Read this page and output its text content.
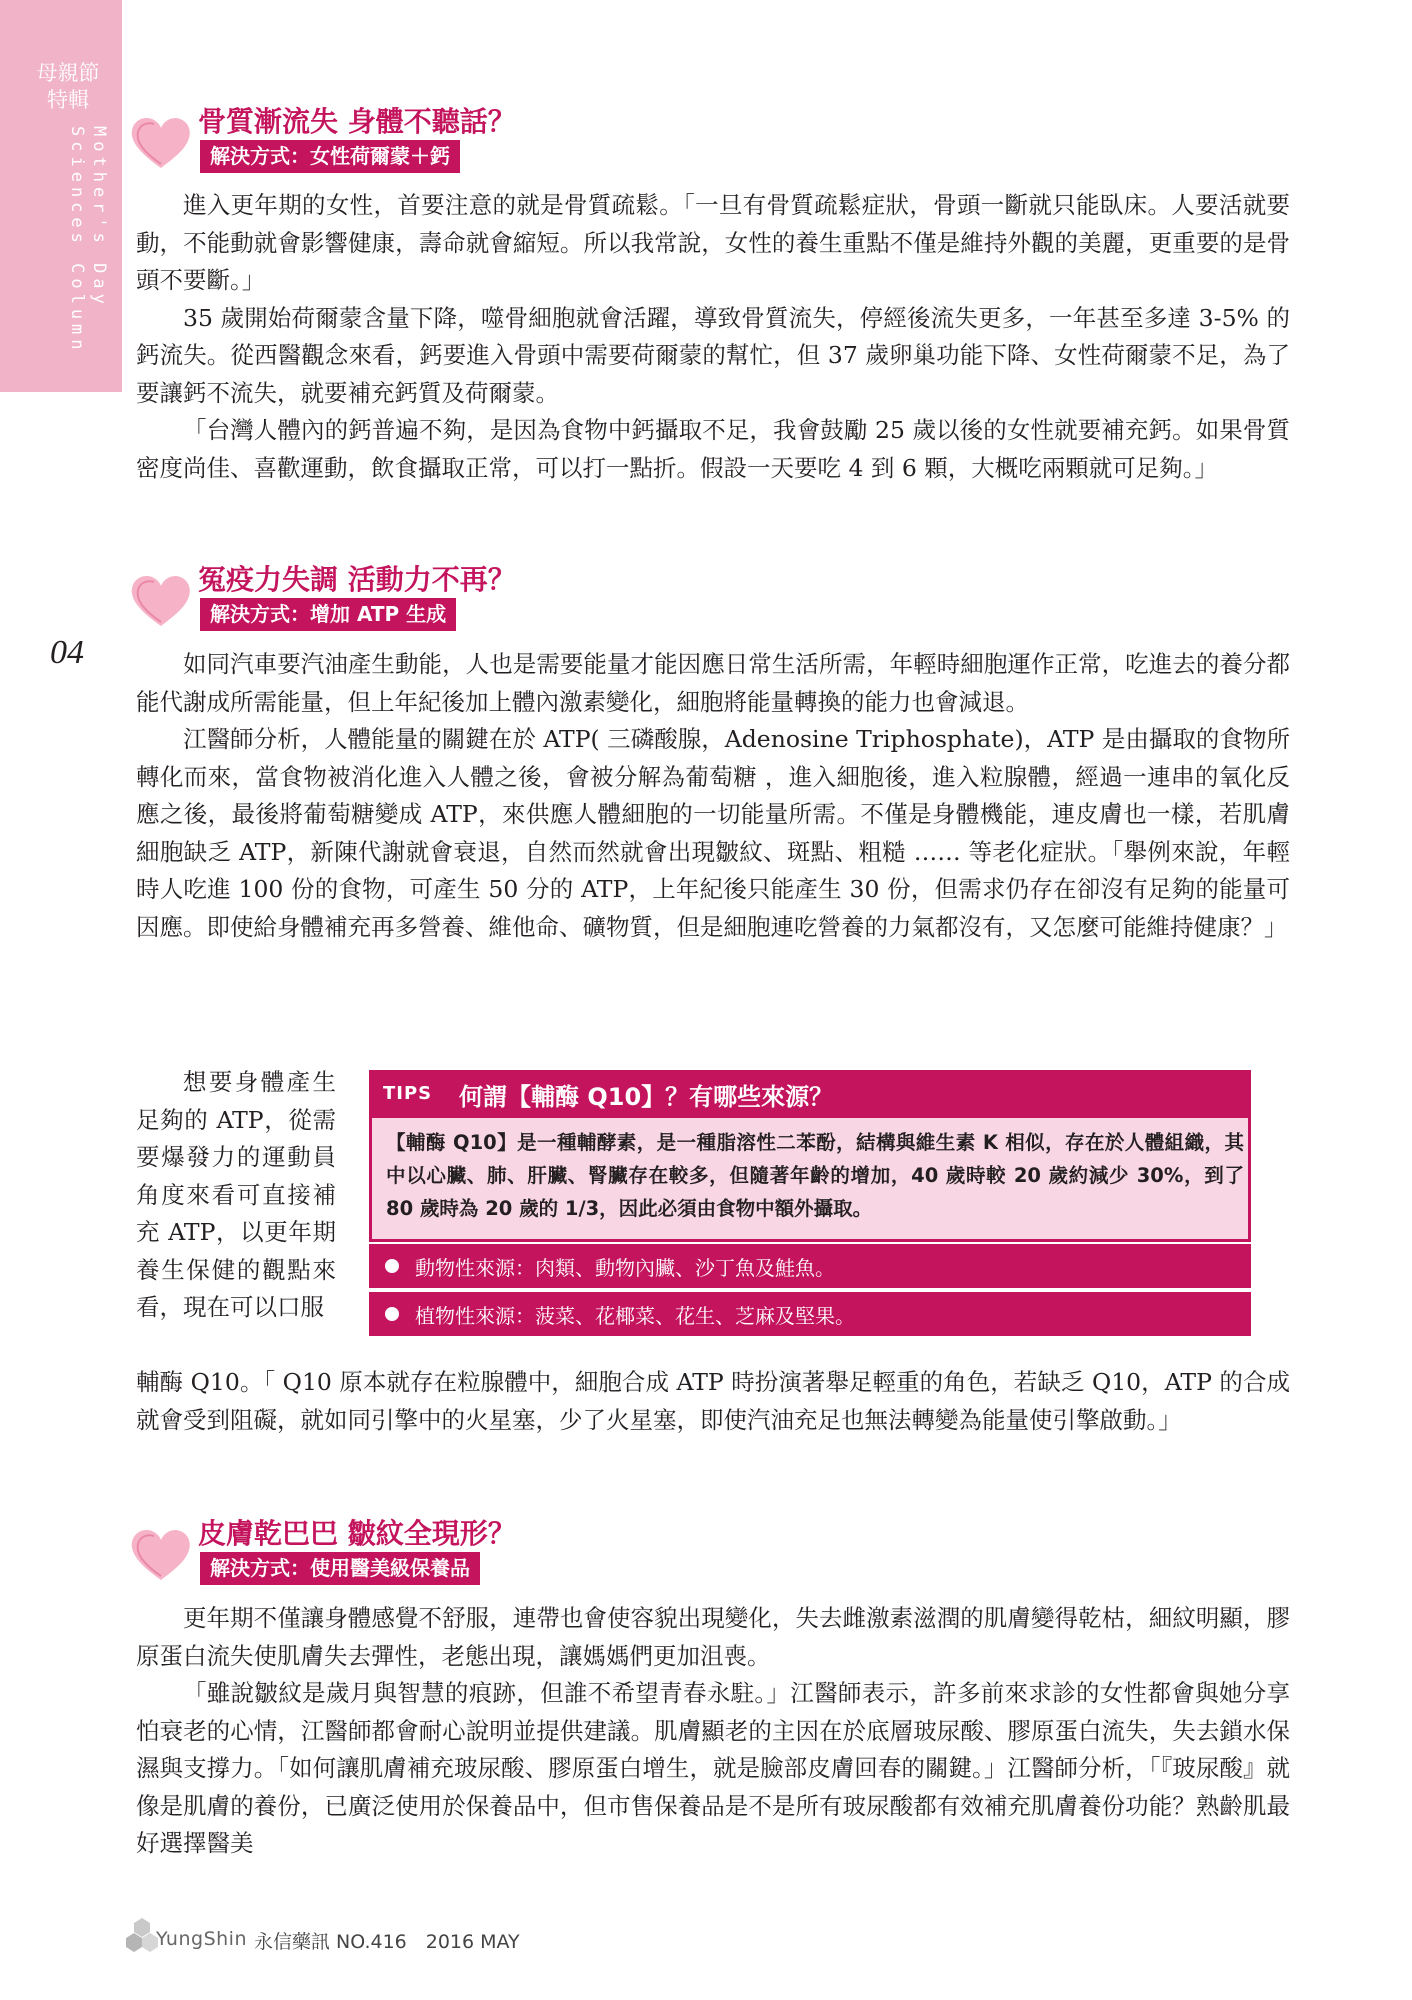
母親節
特輯
Mother's Day Sciences Column
04
骨質漸流失 身體不聽話？
解決方式：女性荷爾蒙＋鈣

進入更年期的女性，首要注意的就是骨質疏鬆。「一旦有骨質疏鬆症狀，骨頭一斷就只能臥床。人要活就要動，不能動就會影響健康，壽命就會縮短。所以我常說，女性的養生重點不僅是維持外觀的美麗，更重要的是骨頭不要斷。」

35 歲開始荷爾蒙含量下降，噬骨細胞就會活躍，導致骨質流失，停經後流失更多，一年甚至多達 3-5% 的鈣流失。從西醫觀念來看，鈣要進入骨頭中需要荷爾蒙的幫忙，但 37 歲卵巢功能下降、女性荷爾蒙不足，為了要讓鈣不流失，就要補充鈣質及荷爾蒙。

「台灣人體內的鈣普遍不夠，是因為食物中鈣攝取不足，我會鼓勵 25 歲以後的女性就要補充鈣。如果骨質密度尚佳、喜歡運動，飲食攝取正常，可以打一點折。假設一天要吃 4 到 6 顆，大概吃兩顆就可足夠。」

冤疫力失調 活動力不再？
解決方式：增加 ATP 生成

如同汽車要汽油產生動能，人也是需要能量才能因應日常生活所需，年輕時細胞運作正常，吃進去的養分都能代謝成所需能量，但上年紀後加上體內激素變化，細胞將能量轉換的能力也會減退。

江醫師分析，人體能量的關鍵在於 ATP( 三磷酸腺，Adenosine Triphosphate)，ATP 是由攝取的食物所轉化而來，當食物被消化進入人體之後，會被分解為葡萄糖 ，進入細胞後，進入粒腺體，經過一連串的氧化反應之後，最後將葡萄糖變成 ATP，來供應人體細胞的一切能量所需。不僅是身體機能，連皮膚也一樣，若肌膚細胞缺乏 ATP，新陳代謝就會衰退，自然而然就會出現皺紋、斑點、粗糙 …… 等老化症狀。「舉例來說，年輕時人吃進 100 份的食物，可產生 50 分的 ATP，上年紀後只能產生 30 份，但需求仍存在卻沒有足夠的能量可因應。即使給身體補充再多營養、維他命、礦物質，但是細胞連吃營養的力氣都沒有，又怎麼可能維持健康？」

想要身體產生足夠的 ATP，從需要爆發力的運動員角度來看可直接補充 ATP，以更年期養生保健的觀點來看，現在可以口服

TIPS 何謂【輔酶 Q10】？有哪些來源？
【輔酶 Q10】是一種輔酵素，是一種脂溶性二苯酚，結構與維生素 K 相似，存在於人體組織，其中以心臟、肺、肝臟、腎臟存在較多，但隨著年齡的增加，40 歲時較 20 歲約減少 30%，到了 80 歲時為 20 歲的 1/3，因此必須由食物中額外攝取。
動物性來源：肉類、動物內臟、沙丁魚及鮭魚。
植物性來源：菠菜、花椰菜、花生、芝麻及堅果。

輔酶 Q10。「 Q10 原本就存在粒腺體中，細胞合成 ATP 時扮演著舉足輕重的角色，若缺乏 Q10，ATP 的合成就會受到阻礙，就如同引擎中的火星塞，少了火星塞，即使汽油充足也無法轉變為能量使引擎啟動。」

皮膚乾巴巴 皺紋全現形？
解決方式：使用醫美級保養品

更年期不僅讓身體感覺不舒服，連帶也會使容貌出現變化，失去雌激素滋潤的肌膚變得乾枯，細紋明顯，膠原蛋白流失使肌膚失去彈性，老態出現，讓媽媽們更加沮喪。

「雖說皺紋是歲月與智慧的痕跡，但誰不希望青春永駐。」江醫師表示，許多前來求診的女性都會與她分享怕衰老的心情，江醫師都會耐心說明並提供建議。肌膚顯老的主因在於底層玻尿酸、膠原蛋白流失，失去鎖水保濕與支撐力。「如何讓肌膚補充玻尿酸、膠原蛋白增生，就是臉部皮膚回春的關鍵。」江醫師分析，「『玻尿酸』就像是肌膚的養份，已廣泛使用於保養品中，但市售保養品是不是所有玻尿酸都有效補充肌膚養份功能？熟齡肌最好選擇醫美

YungShin 永信藥訊 NO.416　2016 MAY
